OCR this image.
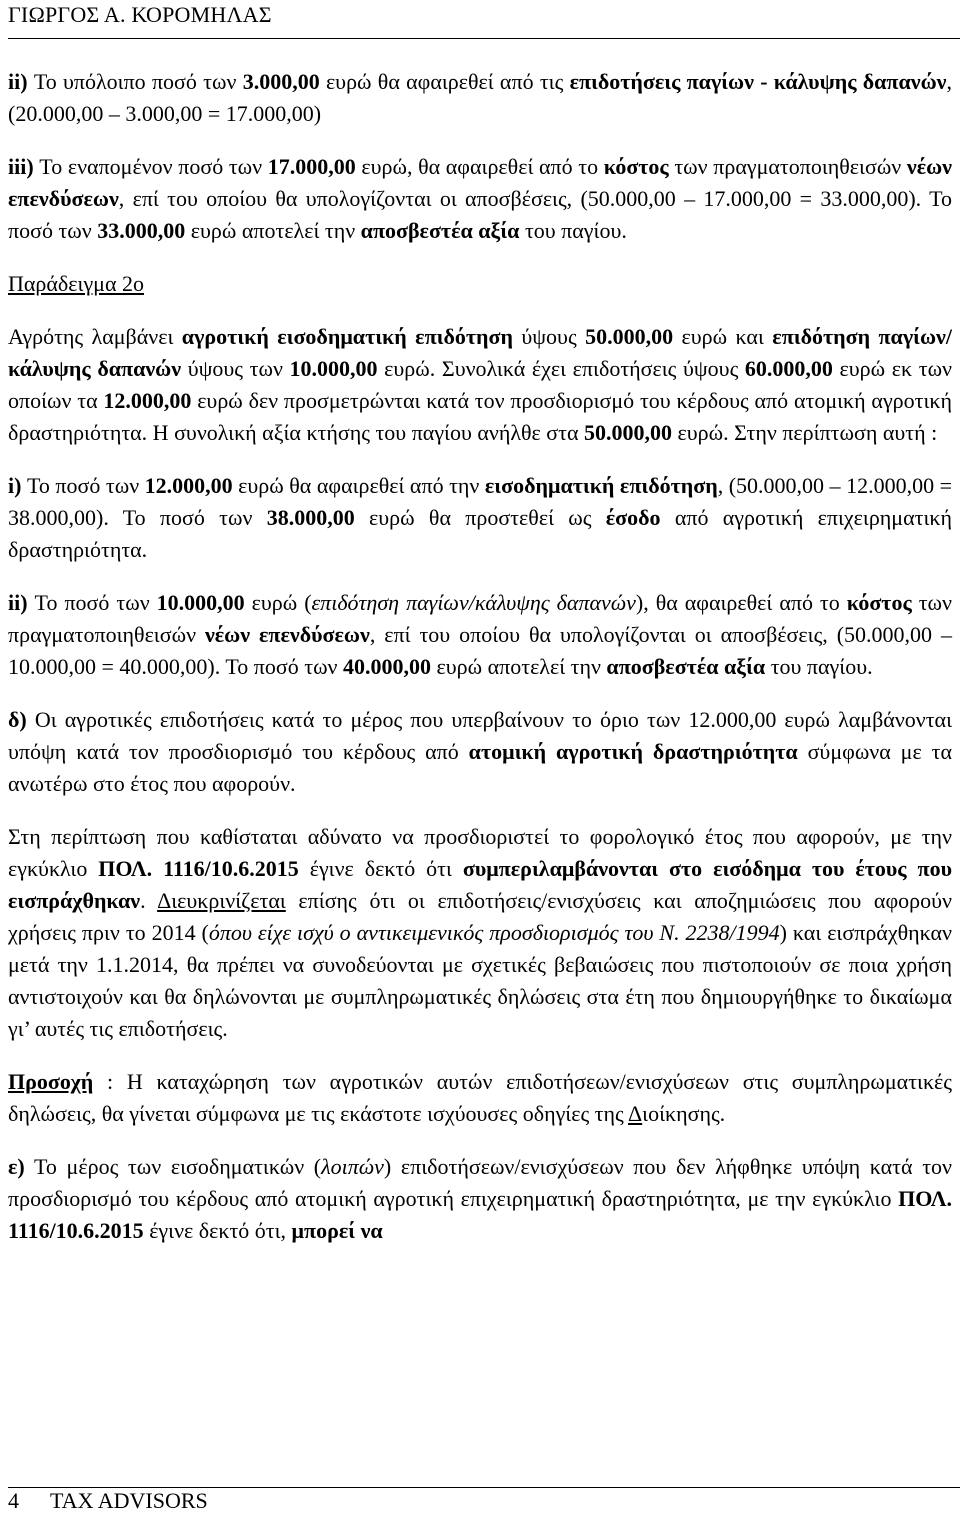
ΓΙΩΡΓΟΣ Α. ΚΟΡΟΜΗΛΑΣ

ii) Το υπόλοιπο ποσό των 3.000,00 ευρώ θα αφαιρεθεί από τις επιδοτήσεις παγίων - κάλυψης δαπανών, (20.000,00 – 3.000,00 = 17.000,00)

iii) Το εναπομένον ποσό των 17.000,00 ευρώ, θα αφαιρεθεί από το κόστος των πραγματοποιηθεισών νέων επενδύσεων, επί του οποίου θα υπολογίζονται οι αποσβέσεις, (50.000,00 – 17.000,00 = 33.000,00). Το ποσό των 33.000,00 ευρώ αποτελεί την αποσβεστέα αξία του παγίου.

Παράδειγμα 2ο

Αγρότης λαμβάνει αγροτική εισοδηματική επιδότηση ύψους 50.000,00 ευρώ και επιδότηση παγίων/κάλυψης δαπανών ύψους των 10.000,00 ευρώ. Συνολικά έχει επιδοτήσεις ύψους 60.000,00 ευρώ εκ των οποίων τα 12.000,00 ευρώ δεν προσμετρώνται κατά τον προσδιορισμό του κέρδους από ατομική αγροτική δραστηριότητα. Η συνολική αξία κτήσης του παγίου ανήλθε στα 50.000,00 ευρώ. Στην περίπτωση αυτή :

i) Το ποσό των 12.000,00 ευρώ θα αφαιρεθεί από την εισοδηματική επιδότηση, (50.000,00 – 12.000,00 = 38.000,00). Το ποσό των 38.000,00 ευρώ θα προστεθεί ως έσοδο από αγροτική επιχειρηματική δραστηριότητα.

ii) Το ποσό των 10.000,00 ευρώ (επιδότηση παγίων/κάλυψης δαπανών), θα αφαιρεθεί από το κόστος των πραγματοποιηθεισών νέων επενδύσεων, επί του οποίου θα υπολογίζονται οι αποσβέσεις, (50.000,00 – 10.000,00 = 40.000,00). Το ποσό των 40.000,00 ευρώ αποτελεί την αποσβεστέα αξία του παγίου.

δ) Οι αγροτικές επιδοτήσεις κατά το μέρος που υπερβαίνουν το όριο των 12.000,00 ευρώ λαμβάνονται υπόψη κατά τον προσδιορισμό του κέρδους από ατομική αγροτική δραστηριότητα σύμφωνα με τα ανωτέρω στο έτος που αφορούν.

Στη περίπτωση που καθίσταται αδύνατο να προσδιοριστεί το φορολογικό έτος που αφορούν, με την εγκύκλιο ΠΟΛ. 1116/10.6.2015 έγινε δεκτό ότι συμπεριλαμβάνονται στο εισόδημα του έτους που εισπράχθηκαν. Διευκρινίζεται επίσης ότι οι επιδοτήσεις/ενισχύσεις και αποζημιώσεις που αφορούν χρήσεις πριν το 2014 (όπου είχε ισχύ ο αντικειμενικός προσδιορισμός του Ν. 2238/1994) και εισπράχθηκαν μετά την 1.1.2014, θα πρέπει να συνοδεύονται με σχετικές βεβαιώσεις που πιστοποιούν σε ποια χρήση αντιστοιχούν και θα δηλώνονται με συμπληρωματικές δηλώσεις στα έτη που δημιουργήθηκε το δικαίωμα γι’ αυτές τις επιδοτήσεις.

Προσοχή : Η καταχώρηση των αγροτικών αυτών επιδοτήσεων/ενισχύσεων στις συμπληρωματικές δηλώσεις, θα γίνεται σύμφωνα με τις εκάστοτε ισχύουσες οδηγίες της Διοίκησης.

ε) Το μέρος των εισοδηματικών (λοιπών) επιδοτήσεων/ενισχύσεων που δεν λήφθηκε υπόψη κατά τον προσδιορισμό του κέρδους από ατομική αγροτική επιχειρηματική δραστηριότητα, με την εγκύκλιο ΠΟΛ. 1116/10.6.2015 έγινε δεκτό ότι, μπορεί να

4 TAX ADVISORS
